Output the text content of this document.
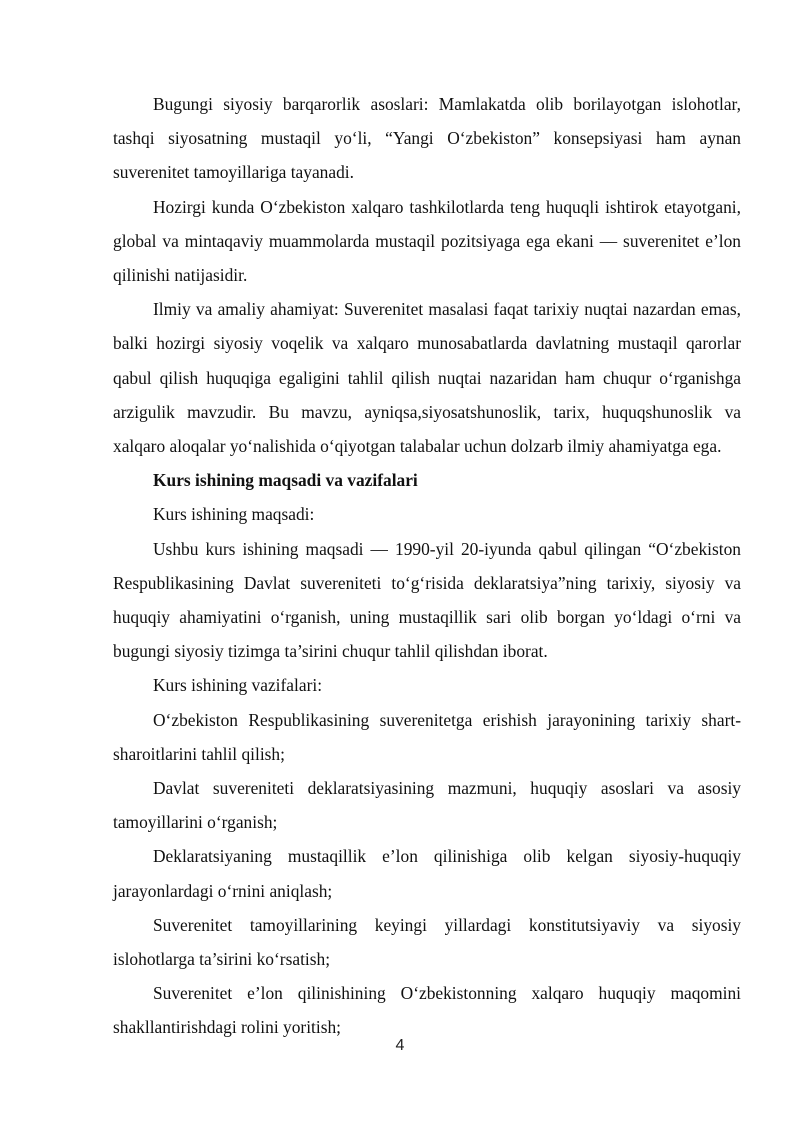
Bugungi siyosiy barqarorlik asoslari: Mamlakatda olib borilayotgan islohotlar, tashqi siyosatning mustaqil yo‘li, “Yangi O‘zbekiston” konsepsiyasi ham aynan suverenitet tamoyillariga tayanadi.

Hozirgi kunda O‘zbekiston xalqaro tashkilotlarda teng huquqli ishtirok etayotgani, global va mintaqaviy muammolarda mustaqil pozitsiyaga ega ekani — suverenitet e’lon qilinishi natijasidir.

Ilmiy va amaliy ahamiyat: Suverenitet masalasi faqat tarixiy nuqtai nazardan emas, balki hozirgi siyosiy voqelik va xalqaro munosabatlarda davlatning mustaqil qarorlar qabul qilish huquqiga egaligini tahlil qilish nuqtai nazaridan ham chuqur o‘rganishga arzigulik mavzudir. Bu mavzu, ayniqsa,siyosatshunoslik, tarix, huquqshunoslik va xalqaro aloqalar yo‘nalishida o‘qiyotgan talabalar uchun dolzarb ilmiy ahamiyatga ega.

Kurs ishining maqsadi va vazifalari

Kurs ishining maqsadi:

Ushbu kurs ishining maqsadi — 1990-yil 20-iyunda qabul qilingan “O‘zbekiston Respublikasining Davlat suvereniteti to‘g‘risida deklaratsiya”ning tarixiy, siyosiy va huquqiy ahamiyatini o‘rganish, uning mustaqillik sari olib borgan yo‘ldagi o‘rni va bugungi siyosiy tizimga ta’sirini chuqur tahlil qilishdan iborat.

Kurs ishining vazifalari:

O‘zbekiston Respublikasining suverenitetga erishish jarayonining tarixiy shart-sharoitlarini tahlil qilish;

Davlat suvereniteti deklaratsiyasining mazmuni, huquqiy asoslari va asosiy tamoyillarini o‘rganish;

Deklaratsiyaning mustaqillik e’lon qilinishiga olib kelgan siyosiy-huquqiy jarayonlardagi o‘rnini aniqlash;

Suverenitet tamoyillarining keyingi yillardagi konstitutsiyaviy va siyosiy islohotlarga ta’sirini ko‘rsatish;

Suverenitet e’lon qilinishining O‘zbekistonning xalqaro huquqiy maqomini shakllantirishdagi rolini yoritish;

4
